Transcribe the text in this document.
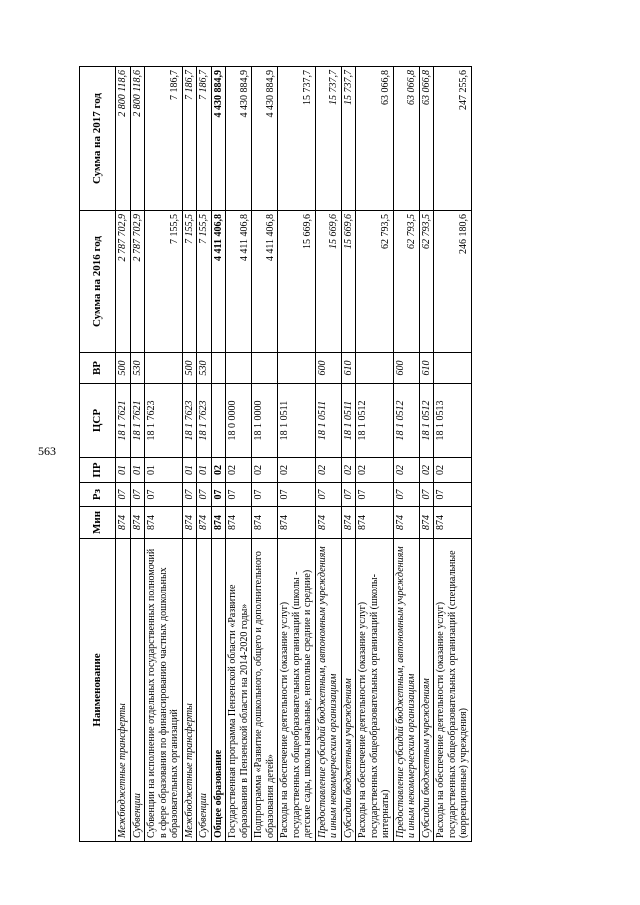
563
Наименование	Мин	Рз	ПР	ЦСР	ВР	Сумма на 2016 год	Сумма на 2017 год
Межбюджетные трансферты	874	07	01	18 1 7621	500	2 787 702,9	2 800 118,6
Субвенции	874	07	01	18 1 7621	530	2 787 702,9	2 800 118,6
Субвенции на исполнение отдельных государственных полномочий в сфере образования по финансированию частных дошкольных образовательных организаций	874	07	01	18 1 7623		7 155,5	7 186,7
Межбюджетные трансферты	874	07	01	18 1 7623	500	7 155,5	7 186,7
Субвенции	874	07	01	18 1 7623	530	7 155,5	7 186,7
Общее образование	874	07	02			4 411 406,8	4 430 884,9
Государственная программа Пензенской области «Развитие образования в Пензенской области на 2014-2020 годы»	874	07	02	18 0 0000		4 411 406,8	4 430 884,9
Подпрограмма «Развитие дошкольного, общего и дополнительного образования детей»	874	07	02	18 1 0000		4 411 406,8	4 430 884,9
Расходы на обеспечение деятельности (оказание услуг) государственных общеобразовательных организаций (школы - детские сады, школы начальные, неполные средние и средние)	874	07	02	18 1 0511		15 669,6	15 737,7
Предоставление субсидий бюджетным, автономным учреждениям и иным некоммерческим организациям	874	07	02	18 1 0511	600	15 669,6	15 737,7
Субсидии бюджетным учреждениям	874	07	02	18 1 0511	610	15 669,6	15 737,7
Расходы на обеспечение деятельности (оказание услуг) государственных общеобразовательных организаций (школы-интернаты)	874	07	02	18 1 0512		62 793,5	63 066,8
Предоставление субсидий бюджетным, автономным учреждениям и иным некоммерческим организациям	874	07	02	18 1 0512	600	62 793,5	63 066,8
Субсидии бюджетным учреждениям	874	07	02	18 1 0512	610	62 793,5	63 066,8
Расходы на обеспечение деятельности (оказание услуг) государственных общеобразовательных организаций (специальные (коррекционные) учреждения)	874	07	02	18 1 0513		246 180,6	247 255,6
